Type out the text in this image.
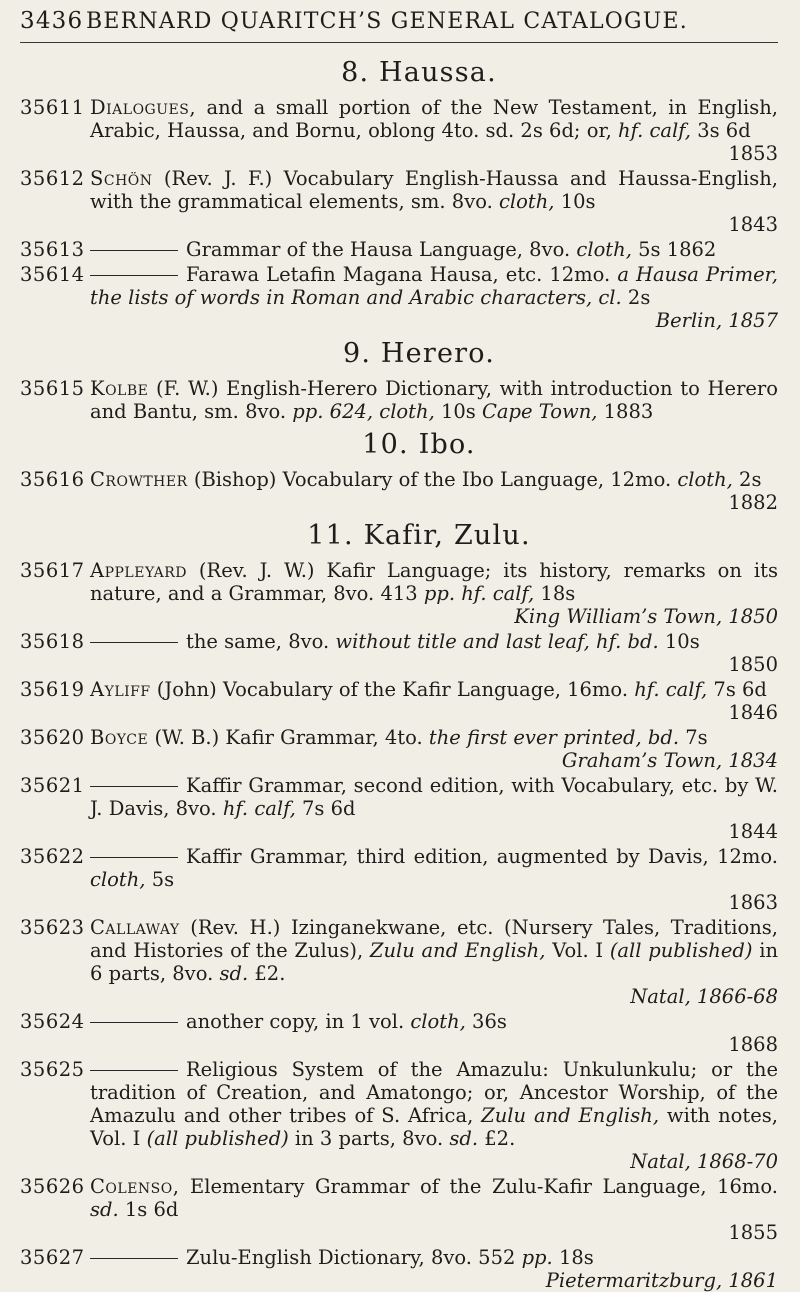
3436 BERNARD QUARITCH’S GENERAL CATALOGUE.
8. Haussa.
35611 Dialogues, and a small portion of the New Testament, in English, Arabic, Haussa, and Bornu, oblong 4to. sd. 2s 6d; or, hf. calf, 3s 6d
1853
35612 Schön (Rev. J. F.) Vocabulary English-Haussa and Haussa-English, with the grammatical elements, sm. 8vo. cloth, 10s
1843
35613	Grammar of the Hausa Language, 8vo. cloth, 5s 1862
35614	Farawa Letafin Magana Hausa, etc. 12mo. a Hausa Primer, the lists of words in Roman and Arabic characters, cl. 2s
Berlin, 1857
9. Herero.
35615 Kolbe (F. W.) English-Herero Dictionary, with introduction to Herero and Bantu, sm. 8vo. pp. 624, cloth, 10s Cape Town, 1883
10. Ibo.
35616 Crowther (Bishop) Vocabulary of the Ibo Language, 12mo. cloth, 2s
1882
11. Kafir, Zulu.
35617 Appleyard (Rev. J. W.) Kafir Language; its history, remarks on its nature, and a Grammar, 8vo. 413 pp. hf. calf, 18s
King William’s Town, 1850
35618	the same, 8vo. without title and last leaf, hf. bd. 10s
1850
35619 Ayliff (John) Vocabulary of the Kafir Language, 16mo. hf. calf, 7s 6d
1846
35620 Boyce (W. B.) Kafir Grammar, 4to. the first ever printed, bd. 7s
Graham’s Town, 1834
35621	Kaffir Grammar, second edition, with Vocabulary, etc. by W. J. Davis, 8vo. hf. calf, 7s 6d
1844
35622	Kaffir Grammar, third edition, augmented by Davis, 12mo. cloth, 5s
1863
35623 Callaway (Rev. H.) Izinganekwane, etc. (Nursery Tales, Traditions, and Histories of the Zulus), Zulu and English, Vol. I (all published) in 6 parts, 8vo. sd. £2.
Natal, 1866-68
35624	another copy, in 1 vol. cloth, 36s
1868
35625	Religious System of the Amazulu: Unkulunkulu; or the tradition of Creation, and Amatongo; or, Ancestor Worship, of the Amazulu and other tribes of S. Africa, Zulu and English, with notes, Vol. I (all published) in 3 parts, 8vo. sd. £2.
Natal, 1868-70
35626 Colenso, Elementary Grammar of the Zulu-Kafir Language, 16mo. sd. 1s 6d
1855
35627	Zulu-English Dictionary, 8vo. 552 pp. 18s
Pietermaritzburg, 1861
